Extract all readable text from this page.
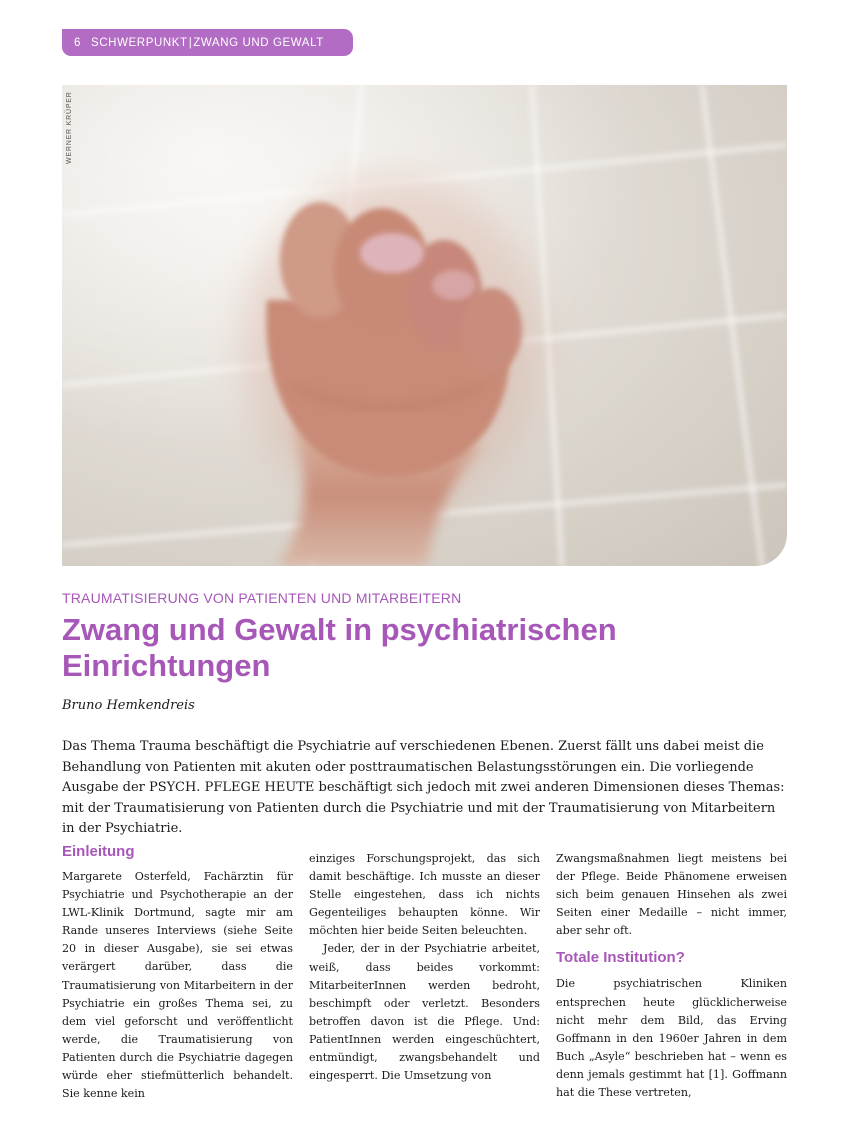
6 SCHWERPUNKT | ZWANG UND GEWALT
WERNER KRÜPER
TRAUMATISIERUNG VON PATIENTEN UND MITARBEITERN
Zwang und Gewalt in psychiatrischen Einrichtungen
Bruno Hemkendreis

Das Thema Trauma beschäftigt die Psychiatrie auf verschiedenen Ebenen. Zuerst fällt uns dabei meist die Behandlung von Patienten mit akuten oder posttraumatischen Belastungsstörungen ein. Die vorliegende Ausgabe der PSYCH. PFLEGE HEUTE beschäftigt sich jedoch mit zwei anderen Dimensionen dieses Themas: mit der Traumatisierung von Patienten durch die Psychiatrie und mit der Traumatisierung von Mitarbeitern in der Psychiatrie.

Einleitung

Margarete Osterfeld, Fachärztin für Psychiatrie und Psychotherapie an der LWL-Klinik Dortmund, sagte mir am Rande unseres Interviews (siehe Seite 20 in dieser Ausgabe), sie sei etwas verärgert darüber, dass die Traumatisierung von Mitarbeitern in der Psychiatrie ein großes Thema sei, zu dem viel geforscht und veröffentlicht werde, die Traumatisierung von Patienten durch die Psychiatrie dagegen würde eher stiefmütterlich behandelt. Sie kenne kein

einziges Forschungsprojekt, das sich damit beschäftige. Ich musste an dieser Stelle eingestehen, dass ich nichts Gegenteiliges behaupten könne. Wir möchten hier beide Seiten beleuchten.

Jeder, der in der Psychiatrie arbeitet, weiß, dass beides vorkommt: MitarbeiterInnen werden bedroht, beschimpft oder verletzt. Besonders betroffen davon ist die Pflege. Und: PatientInnen werden eingeschüchtert, entmündigt, zwangsbehandelt und eingesperrt. Die Umsetzung von

Zwangsmaßnahmen liegt meistens bei der Pflege. Beide Phänomene erweisen sich beim genauen Hinsehen als zwei Seiten einer Medaille – nicht immer, aber sehr oft.

Totale Institution?

Die psychiatrischen Kliniken entsprechen heute glücklicherweise nicht mehr dem Bild, das Erving Goffmann in den 1960er Jahren in dem Buch „Asyle“ beschrieben hat – wenn es denn jemals gestimmt hat [1]. Goffmann hat die These vertreten,
